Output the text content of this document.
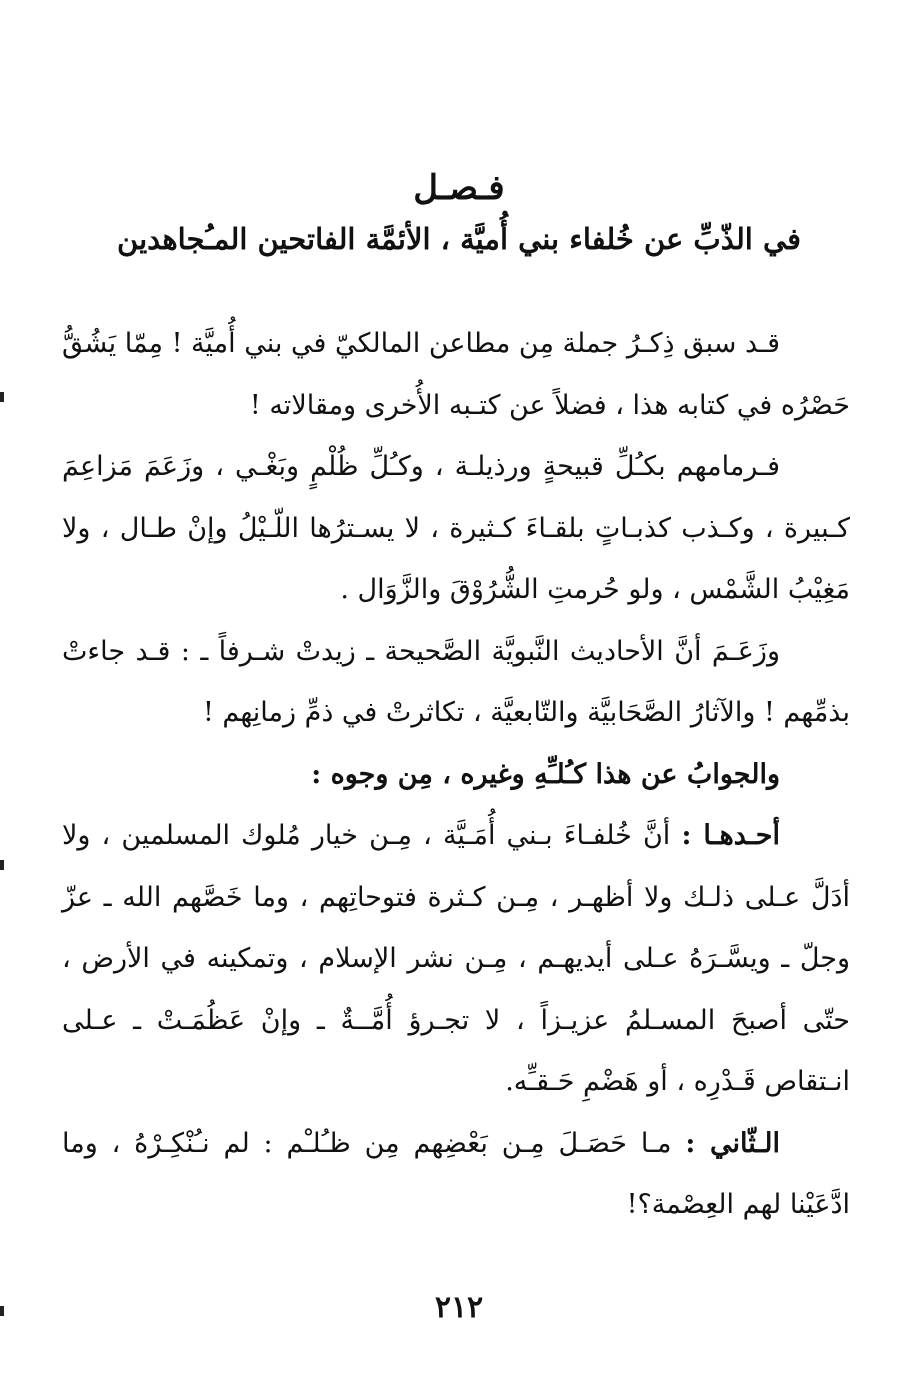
فـصـل
في الذّبِّ عن خُلفاء بني أُميَّة ، الأئمَّة الفاتحين المـُجاهدين

قـد سبق ذِكـرُ جملة مِن مطاعن المالكيّ في بني أُميَّة ! مِمّا يَشُقُّ حَصْرُه في كتابه هذا ، فضلاً عن كتـبه الأُخرى ومقالاته !

فـرمامهم بكـُلِّ قبيحةٍ ورذيلـة ، وكـُلِّ ظُلْمٍ وبَغْـي ، وزَعَمَ مَزاعِمَ كـبيرة ، وكـذب كذبـاتٍ بلقـاءَ كـثيرة ، لا يسـترُها اللّـيْلُ وإنْ طـال ، ولا مَغِيْبُ الشَّمْس ، ولو حُرمتِ الشُّرُوْقَ والزَّوَال .

وزَعَـمَ أنَّ الأحاديث النَّبويَّة الصَّحيحة ـ زيدتْ شـرفاً ـ : قـد جاءتْ بذمِّهم ! والآثارُ الصَّحَابيَّة والتّابعيَّة ، تكاثرتْ في ذمِّ زمانِهم !

والجوابُ عن هذا كـُلـِّهِ وغيره ، مِن وجوه :

أحـدهـا : أنَّ خُلفـاءَ بـني أُمَـيَّة ، مِـن خيار مُلوك المسلمين ، ولا أدَلَّ عـلى ذلـك ولا أظهـر ، مِـن كـثرة فتوحاتِهم ، وما خَصَّهم الله ـ عزّ وجلّ ـ ويسَّـرَهُ عـلى أيديهـم ، مِـن نشر الإسلام ، وتمكينه في الأرض ، حتّى أصبحَ المسـلمُ عزيـزاً ، لا تجـرؤ أُمَّــةٌ ـ وإنْ عَظُمَـتْ ـ عـلى انـتقاص قَـدْرِه ، أو هَضْمِ حَـقـِّه.

الـثّاني : مـا حَصَـلَ مِـن بَعْضِهم مِن ظـُلـْم : لم نـُنْكِـرْهُ ، وما ادَّعَيْنا لهم العِصْمة؟!

٢١٢
